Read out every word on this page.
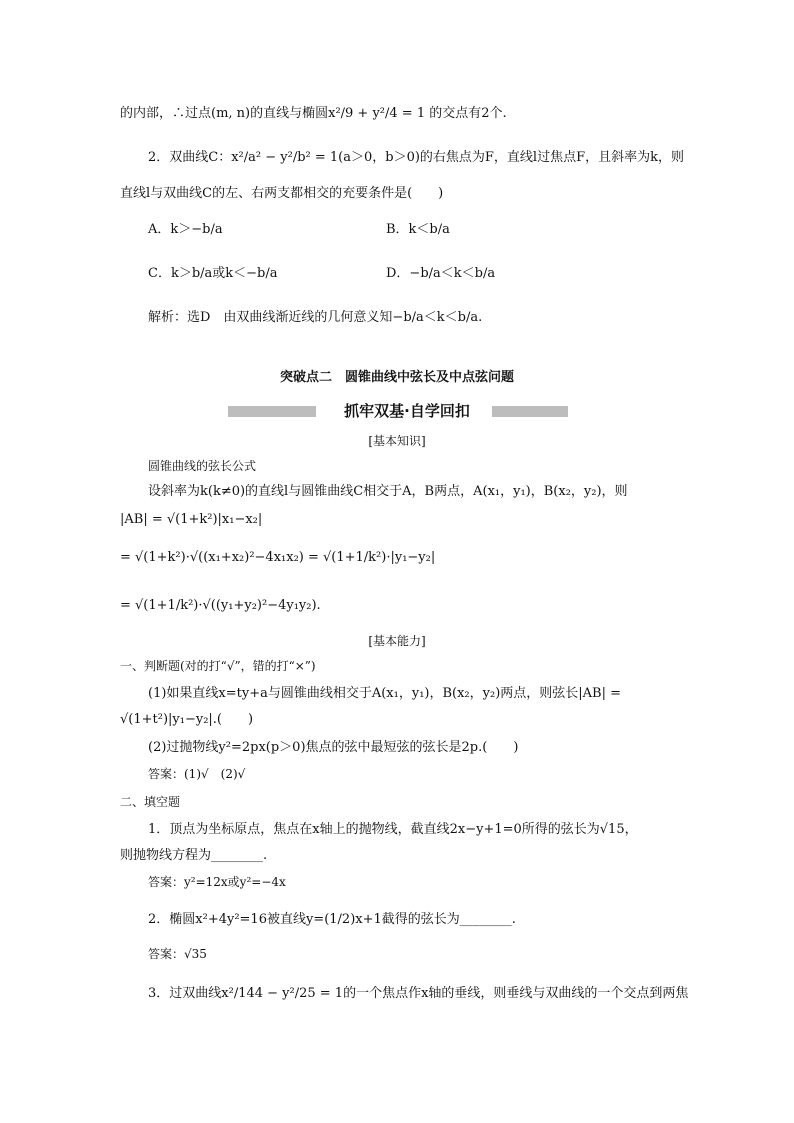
的内部，∴过点(m, n)的直线与椭圆x²/9 + y²/4 = 1 的交点有2个.
2．双曲线C：x²/a² − y²/b² = 1(a＞0，b＞0)的右焦点为F，直线l过焦点F，且斜率为k，则
直线l与双曲线C的左、右两支都相交的充要条件是(　　)
A．k＞−b/a	B．k＜b/a
C．k＞b/a或k＜−b/a	D．−b/a＜k＜b/a
解析：选D　由双曲线渐近线的几何意义知−b/a＜k＜b/a.
突破点二　圆锥曲线中弦长及中点弦问题
抓牢双基·自学回扣
[基本知识]
圆锥曲线的弦长公式
设斜率为k(k≠0)的直线l与圆锥曲线C相交于A，B两点，A(x₁，y₁)，B(x₂，y₂)，则
|AB| = √(1+k²)|x₁−x₂|
= √(1+k²)·√((x₁+x₂)²−4x₁x₂) = √(1+1/k²)·|y₁−y₂|
= √(1+1/k²)·√((y₁+y₂)²−4y₁y₂).
[基本能力]
一、判断题(对的打“√”，错的打“×”)
(1)如果直线x=ty+a与圆锥曲线相交于A(x₁，y₁)，B(x₂，y₂)两点，则弦长|AB| =
√(1+t²)|y₁−y₂|.(　　)
(2)过抛物线y²=2px(p＞0)焦点的弦中最短弦的弦长是2p.(　　)
答案：(1)√　(2)√
二、填空题
1．顶点为坐标原点，焦点在x轴上的抛物线，截直线2x−y+1=0所得的弦长为√15，
则抛物线方程为________.
答案：y²=12x或y²=−4x
2．椭圆x²+4y²=16被直线y=(1/2)x+1截得的弦长为________.
答案：√35
3．过双曲线x²/144 − y²/25 = 1的一个焦点作x轴的垂线，则垂线与双曲线的一个交点到两焦
